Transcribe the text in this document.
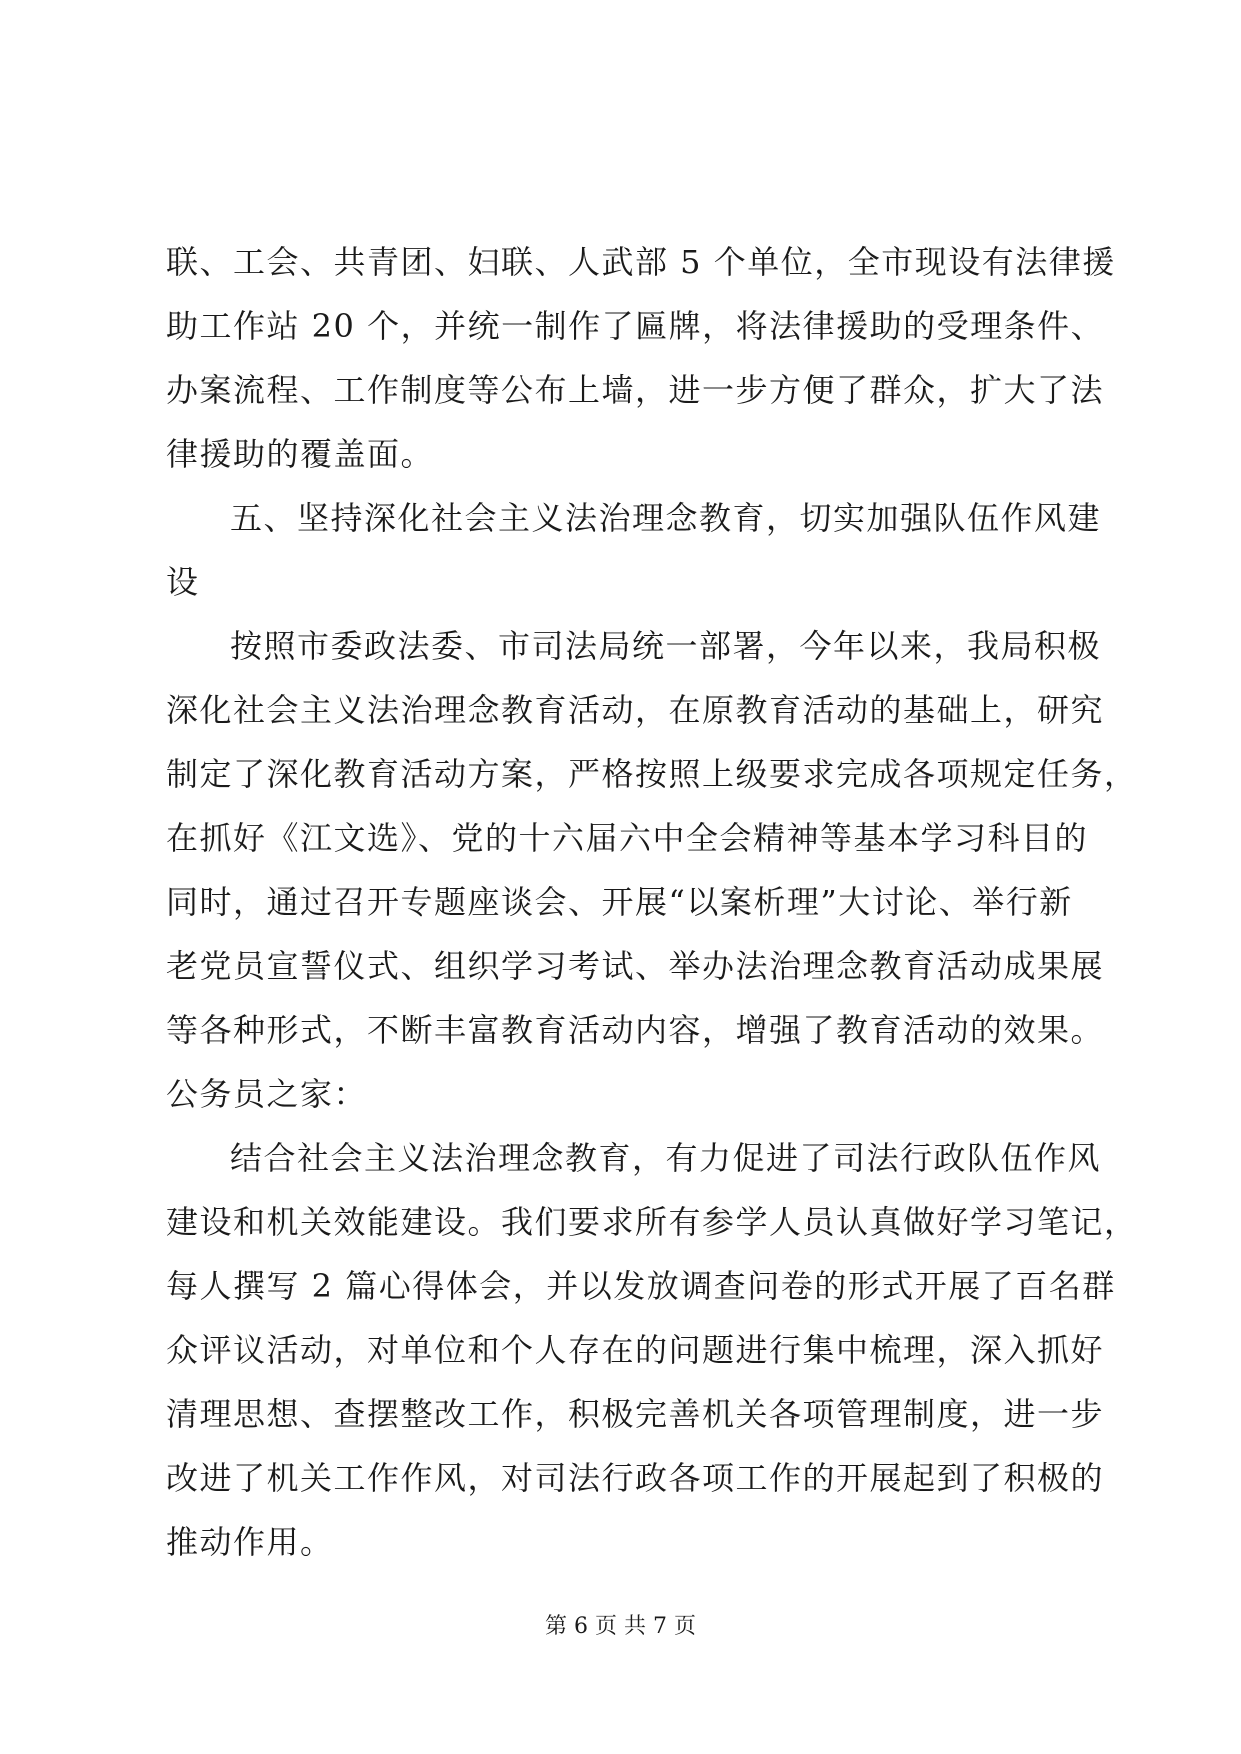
联、工会、共青团、妇联、人武部 5 个单位，全市现设有法律援
助工作站 20 个，并统一制作了匾牌，将法律援助的受理条件、
办案流程、工作制度等公布上墙，进一步方便了群众，扩大了法
律援助的覆盖面。
五、坚持深化社会主义法治理念教育，切实加强队伍作风建
设
按照市委政法委、市司法局统一部署，今年以来，我局积极
深化社会主义法治理念教育活动，在原教育活动的基础上，研究
制定了深化教育活动方案，严格按照上级要求完成各项规定任务，
在抓好《江文选》、党的十六届六中全会精神等基本学习科目的
同时，通过召开专题座谈会、开展“以案析理”大讨论、举行新
老党员宣誓仪式、组织学习考试、举办法治理念教育活动成果展
等各种形式，不断丰富教育活动内容，增强了教育活动的效果。
公务员之家：
结合社会主义法治理念教育，有力促进了司法行政队伍作风
建设和机关效能建设。我们要求所有参学人员认真做好学习笔记，
每人撰写 2 篇心得体会，并以发放调查问卷的形式开展了百名群
众评议活动，对单位和个人存在的问题进行集中梳理，深入抓好
清理思想、查摆整改工作，积极完善机关各项管理制度，进一步
改进了机关工作作风，对司法行政各项工作的开展起到了积极的
推动作用。
第 6 页 共 7 页
